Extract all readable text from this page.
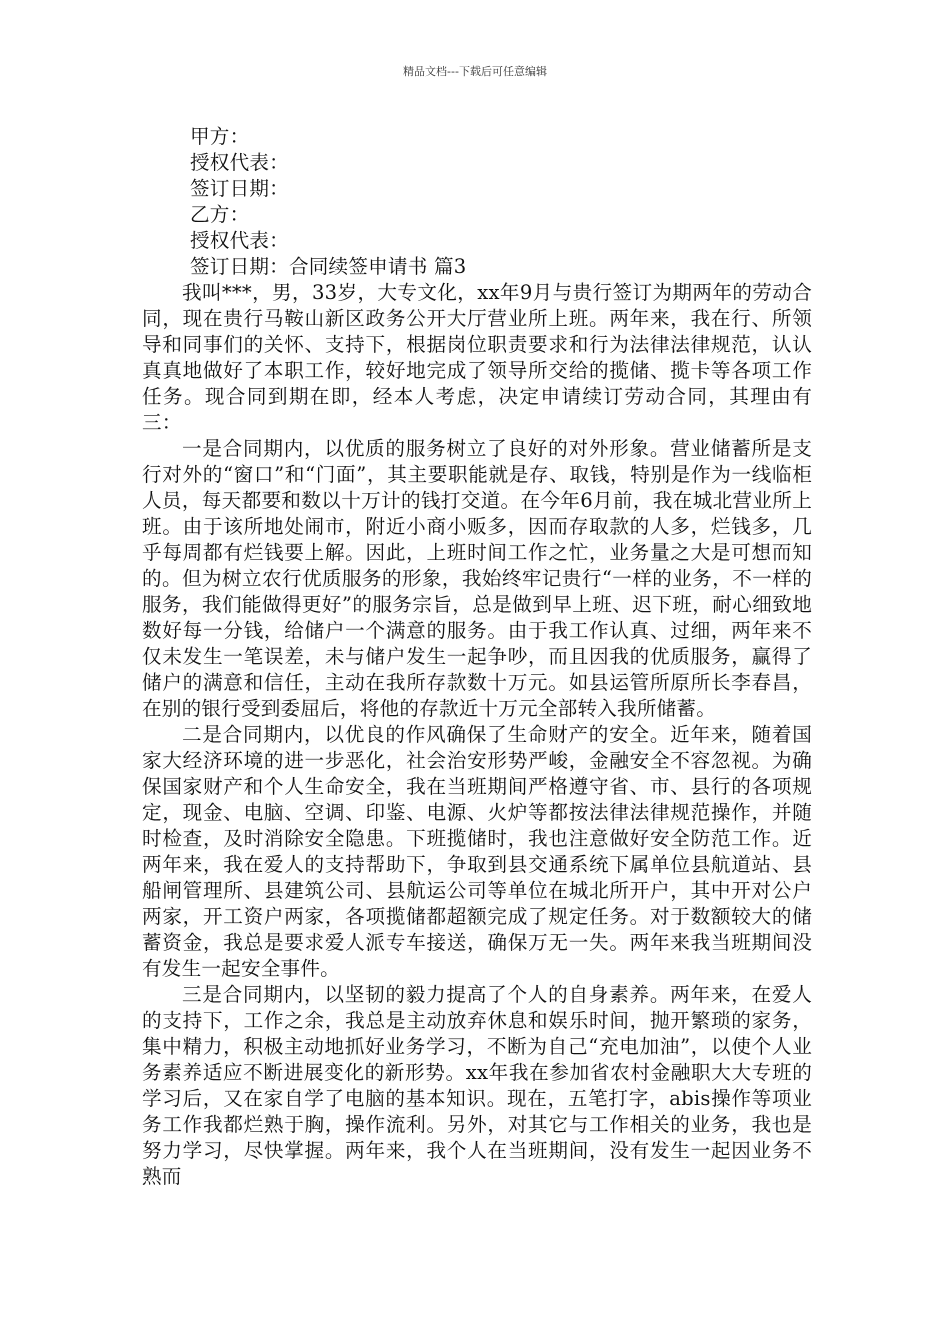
精品文档---下载后可任意编辑
甲方：
授权代表：
签订日期：
乙方：
授权代表：
签订日期：合同续签申请书 篇3

我叫***，男，33岁，大专文化，xx年9月与贵行签订为期两年的劳动合同，现在贵行马鞍山新区政务公开大厅营业所上班。两年来，我在行、所领导和同事们的关怀、支持下，根据岗位职责要求和行为法律法律规范，认认真真地做好了本职工作，较好地完成了领导所交给的揽储、揽卡等各项工作任务。现合同到期在即，经本人考虑，决定申请续订劳动合同，其理由有三：

一是合同期内，以优质的服务树立了良好的对外形象。营业储蓄所是支行对外的“窗口”和“门面”，其主要职能就是存、取钱，特别是作为一线临柜人员，每天都要和数以十万计的钱打交道。在今年6月前，我在城北营业所上班。由于该所地处闹市，附近小商小贩多，因而存取款的人多，烂钱多，几乎每周都有烂钱要上解。因此，上班时间工作之忙，业务量之大是可想而知的。但为树立农行优质服务的形象，我始终牢记贵行“一样的业务，不一样的服务，我们能做得更好”的服务宗旨，总是做到早上班、迟下班，耐心细致地数好每一分钱，给储户一个满意的服务。由于我工作认真、过细，两年来不仅未发生一笔误差，未与储户发生一起争吵，而且因我的优质服务，赢得了储户的满意和信任，主动在我所存款数十万元。如县运管所原所长李春昌，在别的银行受到委屈后，将他的存款近十万元全部转入我所储蓄。

二是合同期内，以优良的作风确保了生命财产的安全。近年来，随着国家大经济环境的进一步恶化，社会治安形势严峻，金融安全不容忽视。为确保国家财产和个人生命安全，我在当班期间严格遵守省、市、县行的各项规定，现金、电脑、空调、印鉴、电源、火炉等都按法律法律规范操作，并随时检查，及时消除安全隐患。下班揽储时，我也注意做好安全防范工作。近两年来，我在爱人的支持帮助下，争取到县交通系统下属单位县航道站、县船闸管理所、县建筑公司、县航运公司等单位在城北所开户，其中开对公户两家，开工资户两家，各项揽储都超额完成了规定任务。对于数额较大的储蓄资金，我总是要求爱人派专车接送，确保万无一失。两年来我当班期间没有发生一起安全事件。

三是合同期内，以坚韧的毅力提高了个人的自身素养。两年来，在爱人的支持下，工作之余，我总是主动放弃休息和娱乐时间，抛开繁琐的家务，集中精力，积极主动地抓好业务学习，不断为自己“充电加油”，以使个人业务素养适应不断进展变化的新形势。xx年我在参加省农村金融职大大专班的学习后，又在家自学了电脑的基本知识。现在，五笔打字，abis操作等项业务工作我都烂熟于胸，操作流利。另外，对其它与工作相关的业务，我也是努力学习，尽快掌握。两年来，我个人在当班期间，没有发生一起因业务不熟而
